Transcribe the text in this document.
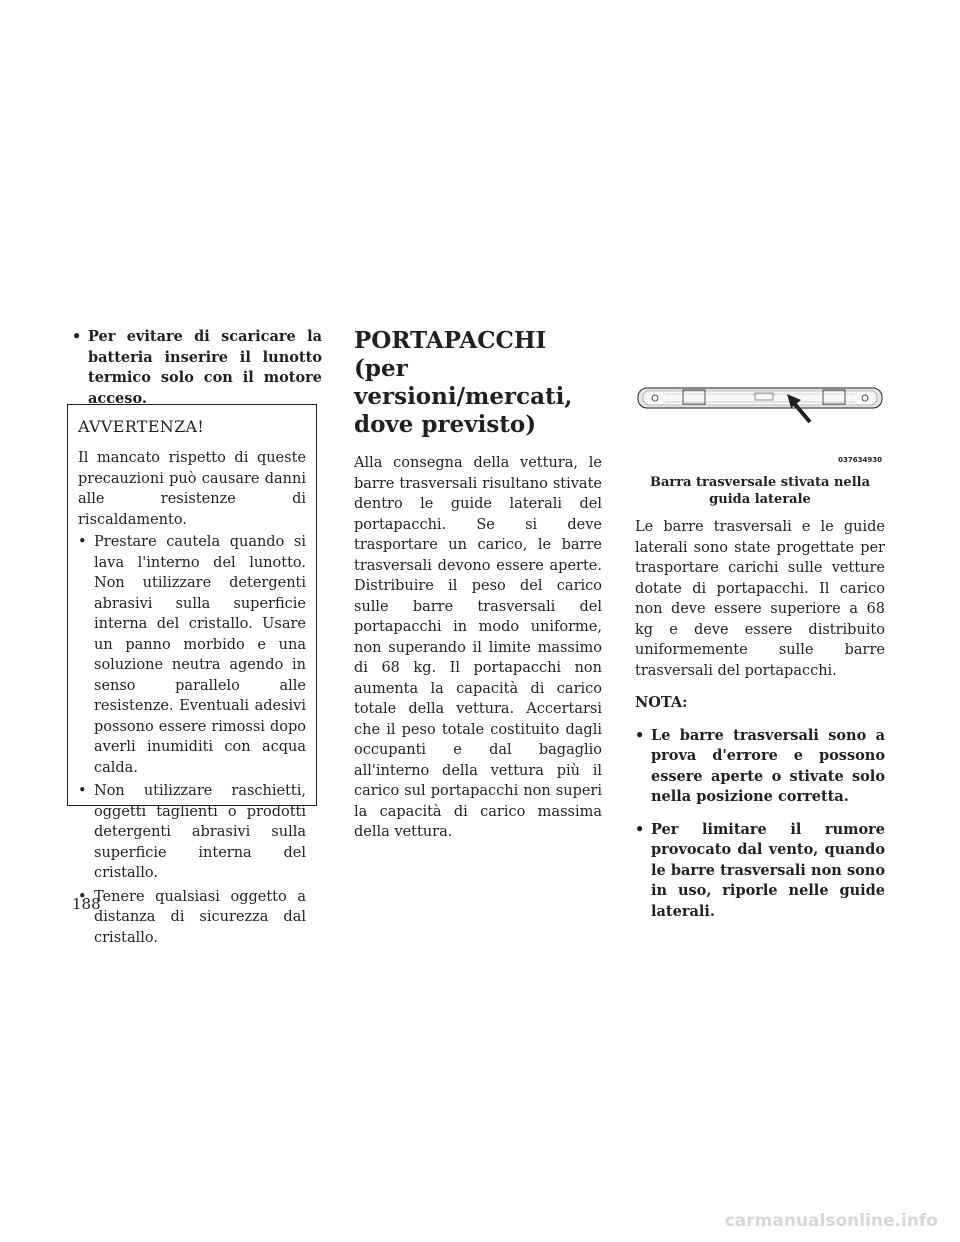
• Per evitare di scaricare la batteria inserire il lunotto termico solo con il motore acceso.
AVVERTENZA!
Il mancato rispetto di queste precauzioni può causare danni alle resistenze di riscaldamento.
• Prestare cautela quando si lava l'interno del lunotto. Non utilizzare detergenti abrasivi sulla superficie interna del cristallo. Usare un panno morbido e una soluzione neutra agendo in senso parallelo alle resistenze. Eventuali adesivi possono essere rimossi dopo averli inumiditi con acqua calda.
• Non utilizzare raschietti, oggetti taglienti o prodotti detergenti abrasivi sulla superficie interna del cristallo.
• Tenere qualsiasi oggetto a distanza di sicurezza dal cristallo.
PORTAPACCHI (per versioni/mercati, dove previsto)

Alla consegna della vettura, le barre trasversali risultano stivate dentro le guide laterali del portapacchi. Se si deve trasportare un carico, le barre trasversali devono essere aperte. Distribuire il peso del carico sulle barre trasversali del portapacchi in modo uniforme, non superando il limite massimo di 68 kg. Il portapacchi non aumenta la capacità di carico totale della vettura. Accertarsi che il peso totale costituito dagli occupanti e dal bagaglio all'interno della vettura più il carico sul portapacchi non superi la capacità di carico massima della vettura.

037634930
Barra trasversale stivata nella guida laterale

Le barre trasversali e le guide laterali sono state progettate per trasportare carichi sulle vetture dotate di portapacchi. Il carico non deve essere superiore a 68 kg e deve essere distribuito uniformemente sulle barre trasversali del portapacchi.

NOTA:

• Le barre trasversali sono a prova d'errore e possono essere aperte o stivate solo nella posizione corretta.
• Per limitare il rumore provocato dal vento, quando le barre trasversali non sono in uso, riporle nelle guide laterali.
188
carmanualsonline.info
